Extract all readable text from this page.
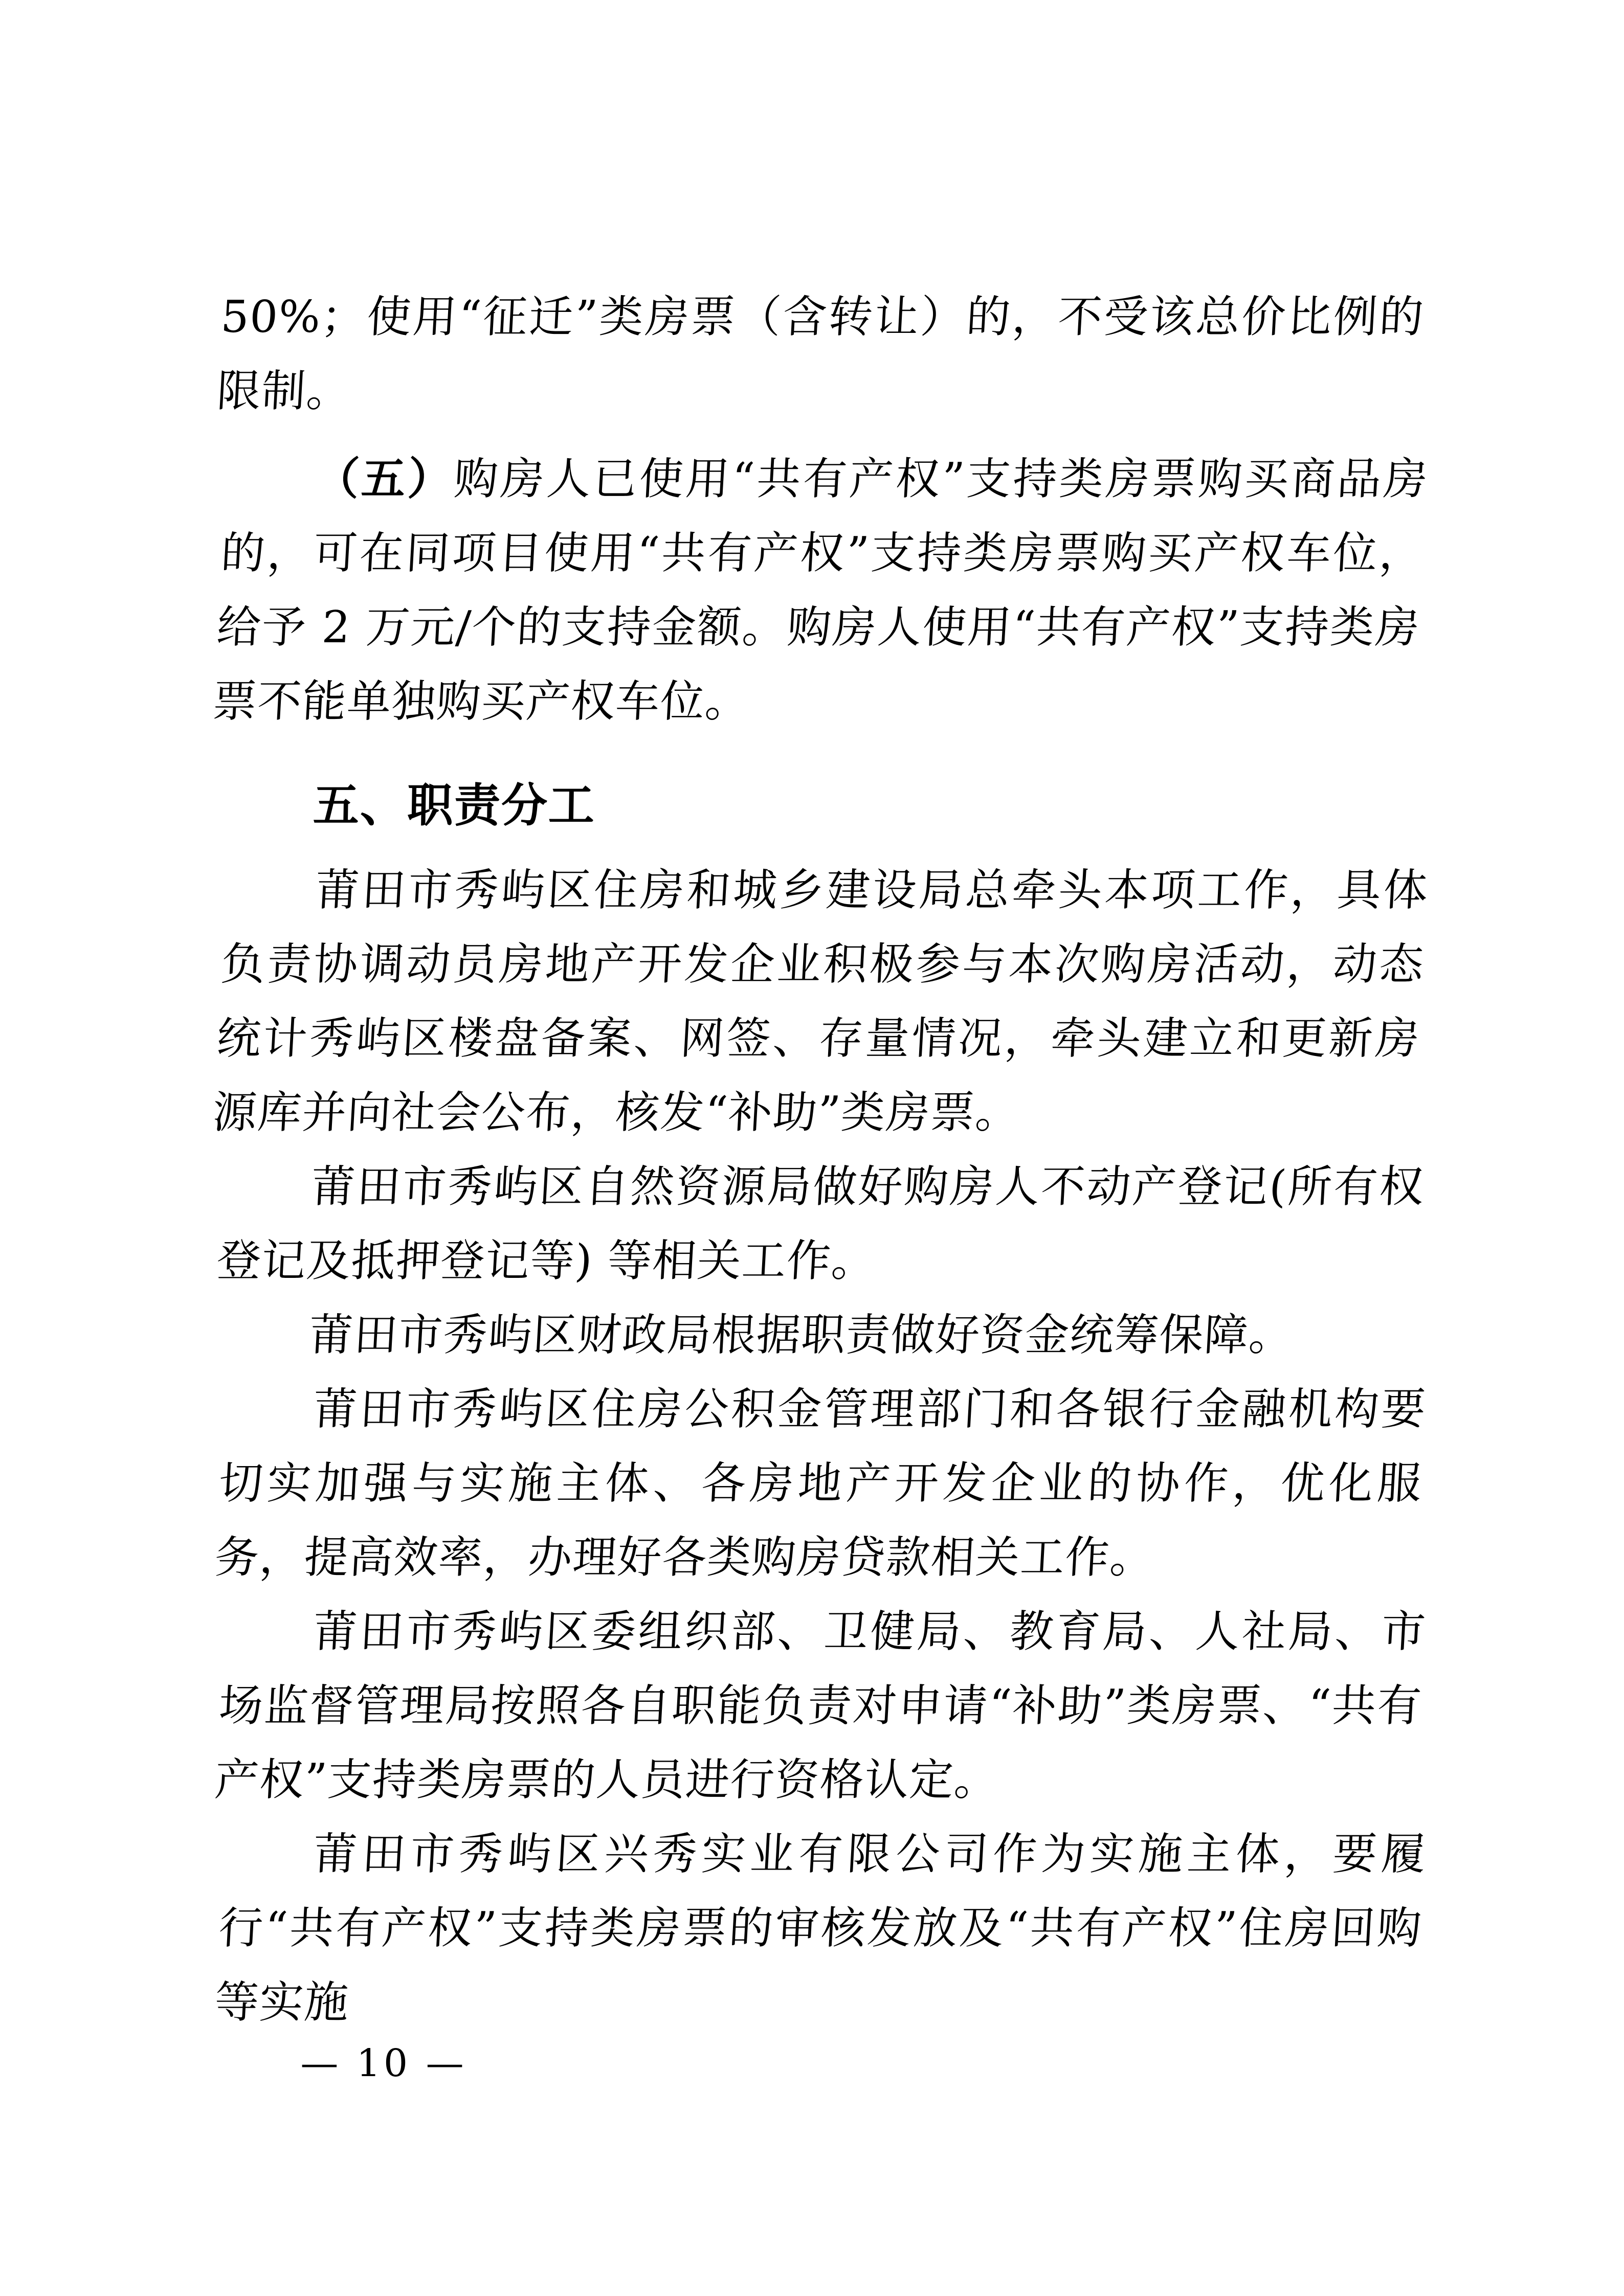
50%；使用“征迁”类房票（含转让）的，不受该总价比例的限制。

（五）购房人已使用“共有产权”支持类房票购买商品房的，可在同项目使用“共有产权”支持类房票购买产权车位，给予 2 万元/个的支持金额。购房人使用“共有产权”支持类房票不能单独购买产权车位。

五、职责分工

莆田市秀屿区住房和城乡建设局总牵头本项工作，具体负责协调动员房地产开发企业积极参与本次购房活动，动态统计秀屿区楼盘备案、网签、存量情况，牵头建立和更新房源库并向社会公布，核发“补助”类房票。

莆田市秀屿区自然资源局做好购房人不动产登记(所有权登记及抵押登记等) 等相关工作。

莆田市秀屿区财政局根据职责做好资金统筹保障。

莆田市秀屿区住房公积金管理部门和各银行金融机构要切实加强与实施主体、各房地产开发企业的协作，优化服务，提高效率，办理好各类购房贷款相关工作。

莆田市秀屿区委组织部、卫健局、教育局、人社局、市场监督管理局按照各自职能负责对申请“补助”类房票、“共有产权”支持类房票的人员进行资格认定。

莆田市秀屿区兴秀实业有限公司作为实施主体，要履行“共有产权”支持类房票的审核发放及“共有产权”住房回购等实施

— 10 —
